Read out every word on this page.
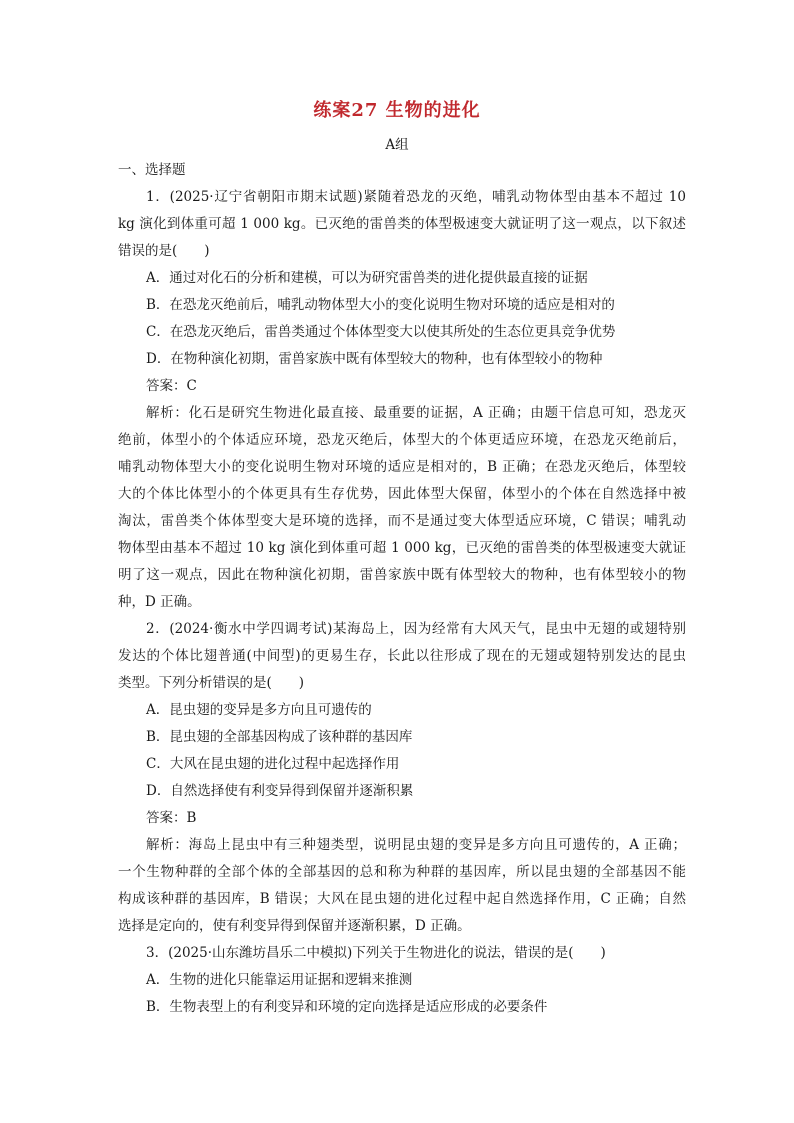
练案27 生物的进化
A组
一、选择题
1．(2025·辽宁省朝阳市期末试题)紧随着恐龙的灭绝，哺乳动物体型由基本不超过 10
kg 演化到体重可超 1 000 kg。已灭绝的雷兽类的体型极速变大就证明了这一观点，以下叙述
错误的是(　　)
A．通过对化石的分析和建模，可以为研究雷兽类的进化提供最直接的证据
B．在恐龙灭绝前后，哺乳动物体型大小的变化说明生物对环境的适应是相对的
C．在恐龙灭绝后，雷兽类通过个体体型变大以使其所处的生态位更具竞争优势
D．在物种演化初期，雷兽家族中既有体型较大的物种，也有体型较小的物种
答案：C
解析：化石是研究生物进化最直接、最重要的证据，A 正确；由题干信息可知，恐龙灭
绝前，体型小的个体适应环境，恐龙灭绝后，体型大的个体更适应环境，在恐龙灭绝前后，
哺乳动物体型大小的变化说明生物对环境的适应是相对的，B 正确；在恐龙灭绝后，体型较
大的个体比体型小的个体更具有生存优势，因此体型大保留，体型小的个体在自然选择中被
淘汰，雷兽类个体体型变大是环境的选择，而不是通过变大体型适应环境，C 错误；哺乳动
物体型由基本不超过 10 kg 演化到体重可超 1 000 kg，已灭绝的雷兽类的体型极速变大就证
明了这一观点，因此在物种演化初期，雷兽家族中既有体型较大的物种，也有体型较小的物
种，D 正确。
2．(2024·衡水中学四调考试)某海岛上，因为经常有大风天气，昆虫中无翅的或翅特别
发达的个体比翅普通(中间型)的更易生存，长此以往形成了现在的无翅或翅特别发达的昆虫
类型。下列分析错误的是(　　)
A．昆虫翅的变异是多方向且可遗传的
B．昆虫翅的全部基因构成了该种群的基因库
C．大风在昆虫翅的进化过程中起选择作用
D．自然选择使有利变异得到保留并逐渐积累
答案：B
解析：海岛上昆虫中有三种翅类型，说明昆虫翅的变异是多方向且可遗传的，A 正确；
一个生物种群的全部个体的全部基因的总和称为种群的基因库，所以昆虫翅的全部基因不能
构成该种群的基因库，B 错误；大风在昆虫翅的进化过程中起自然选择作用，C 正确；自然
选择是定向的，使有利变异得到保留并逐渐积累，D 正确。
3．(2025·山东潍坊昌乐二中模拟)下列关于生物进化的说法，错误的是(　　)
A．生物的进化只能靠运用证据和逻辑来推测
B．生物表型上的有利变异和环境的定向选择是适应形成的必要条件
